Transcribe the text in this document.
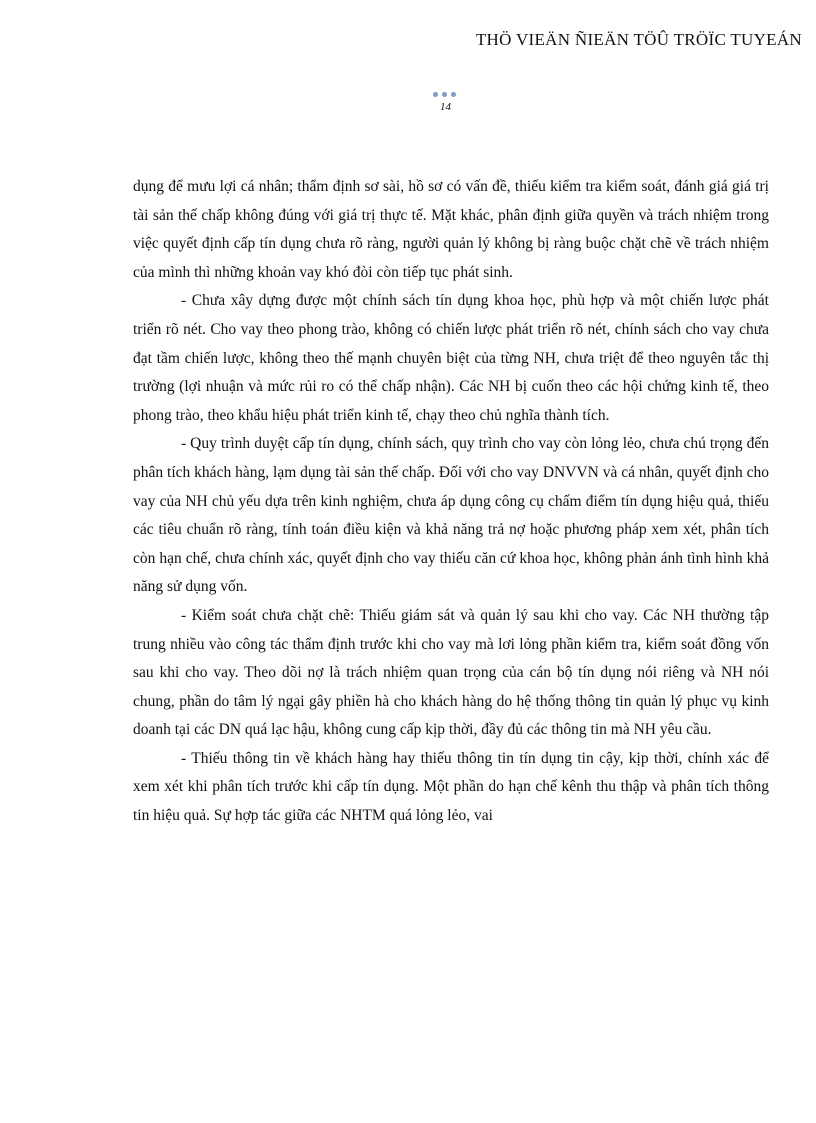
THÖ VIEÄN ÑIEÄN TÖÛ TRÖÏC TUYEÁN
14

dụng để mưu lợi cá nhân; thẩm định sơ sài, hồ sơ có vấn đề, thiếu kiểm tra kiểm soát, đánh giá giá trị tài sản thế chấp không đúng với giá trị thực tế. Mặt khác, phân định giữa quyền và trách nhiệm trong việc quyết định cấp tín dụng chưa rõ ràng, người quản lý không bị ràng buộc chặt chẽ về trách nhiệm của mình thì những khoản vay khó đòi còn tiếp tục phát sinh.

- Chưa xây dựng được một chính sách tín dụng khoa học, phù hợp và một chiến lược phát triển rõ nét. Cho vay theo phong trào, không có chiến lược phát triển rõ nét, chính sách cho vay chưa đạt tầm chiến lược, không theo thế mạnh chuyên biệt của từng NH, chưa triệt để theo nguyên tắc thị trường (lợi nhuận và mức rủi ro có thể chấp nhận). Các NH bị cuốn theo các hội chứng kinh tế, theo phong trào, theo khẩu hiệu phát triển kinh tế, chạy theo chủ nghĩa thành tích.

- Quy trình duyệt cấp tín dụng, chính sách, quy trình cho vay còn lỏng lẻo, chưa chú trọng đến phân tích khách hàng, lạm dụng tài sản thế chấp. Đối với cho vay DNVVN và cá nhân, quyết định cho vay của NH chủ yếu dựa trên kinh nghiệm, chưa áp dụng công cụ chấm điểm tín dụng hiệu quả, thiếu các tiêu chuẩn rõ ràng, tính toán điều kiện và khả năng trả nợ hoặc phương pháp xem xét, phân tích còn hạn chế, chưa chính xác, quyết định cho vay thiếu căn cứ khoa học, không phản ánh tình hình khả năng sử dụng vốn.

- Kiểm soát chưa chặt chẽ: Thiếu giám sát và quản lý sau khi cho vay. Các NH thường tập trung nhiều vào công tác thẩm định trước khi cho vay mà lơi lỏng phần kiểm tra, kiểm soát đồng vốn sau khi cho vay. Theo dõi nợ là trách nhiệm quan trọng của cán bộ tín dụng nói riêng và NH nói chung, phần do tâm lý ngại gây phiền hà cho khách hàng do hệ thống thông tin quản lý phục vụ kinh doanh tại các DN quá lạc hậu, không cung cấp kịp thời, đầy đủ các thông tin mà NH yêu cầu.

- Thiếu thông tin về khách hàng hay thiếu thông tin tín dụng tin cậy, kịp thời, chính xác để xem xét khi phân tích trước khi cấp tín dụng. Một phần do hạn chế kênh thu thập và phân tích thông tin hiệu quả. Sự hợp tác giữa các NHTM quá lỏng lẻo, vai
